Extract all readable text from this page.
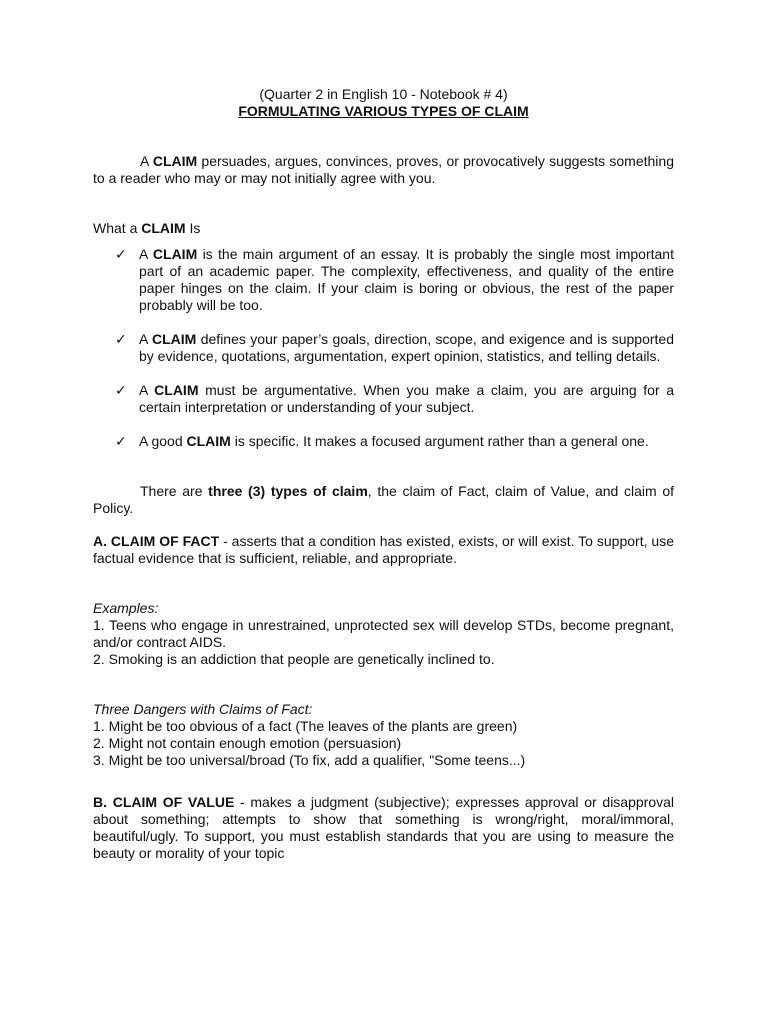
(Quarter 2 in English 10 - Notebook # 4)

FORMULATING VARIOUS TYPES OF CLAIM

A CLAIM persuades, argues, convinces, proves, or provocatively suggests something to a reader who may or may not initially agree with you.

What a CLAIM Is

✓ A CLAIM is the main argument of an essay. It is probably the single most important part of an academic paper. The complexity, effectiveness, and quality of the entire paper hinges on the claim. If your claim is boring or obvious, the rest of the paper probably will be too.
✓ A CLAIM defines your paper’s goals, direction, scope, and exigence and is supported by evidence, quotations, argumentation, expert opinion, statistics, and telling details.
✓ A CLAIM must be argumentative. When you make a claim, you are arguing for a certain interpretation or understanding of your subject.
✓ A good CLAIM is specific. It makes a focused argument rather than a general one.

There are three (3) types of claim, the claim of Fact, claim of Value, and claim of Policy.

A. CLAIM OF FACT - asserts that a condition has existed, exists, or will exist. To support, use factual evidence that is sufficient, reliable, and appropriate.

Examples:

1. Teens who engage in unrestrained, unprotected sex will develop STDs, become pregnant, and/or contract AIDS.

2. Smoking is an addiction that people are genetically inclined to.

Three Dangers with Claims of Fact:

1. Might be too obvious of a fact (The leaves of the plants are green)

2. Might not contain enough emotion (persuasion)

3. Might be too universal/broad (To fix, add a qualifier, "Some teens...)

B. CLAIM OF VALUE - makes a judgment (subjective); expresses approval or disapproval about something; attempts to show that something is wrong/right, moral/immoral, beautiful/ugly. To support, you must establish standards that you are using to measure the beauty or morality of your topic
